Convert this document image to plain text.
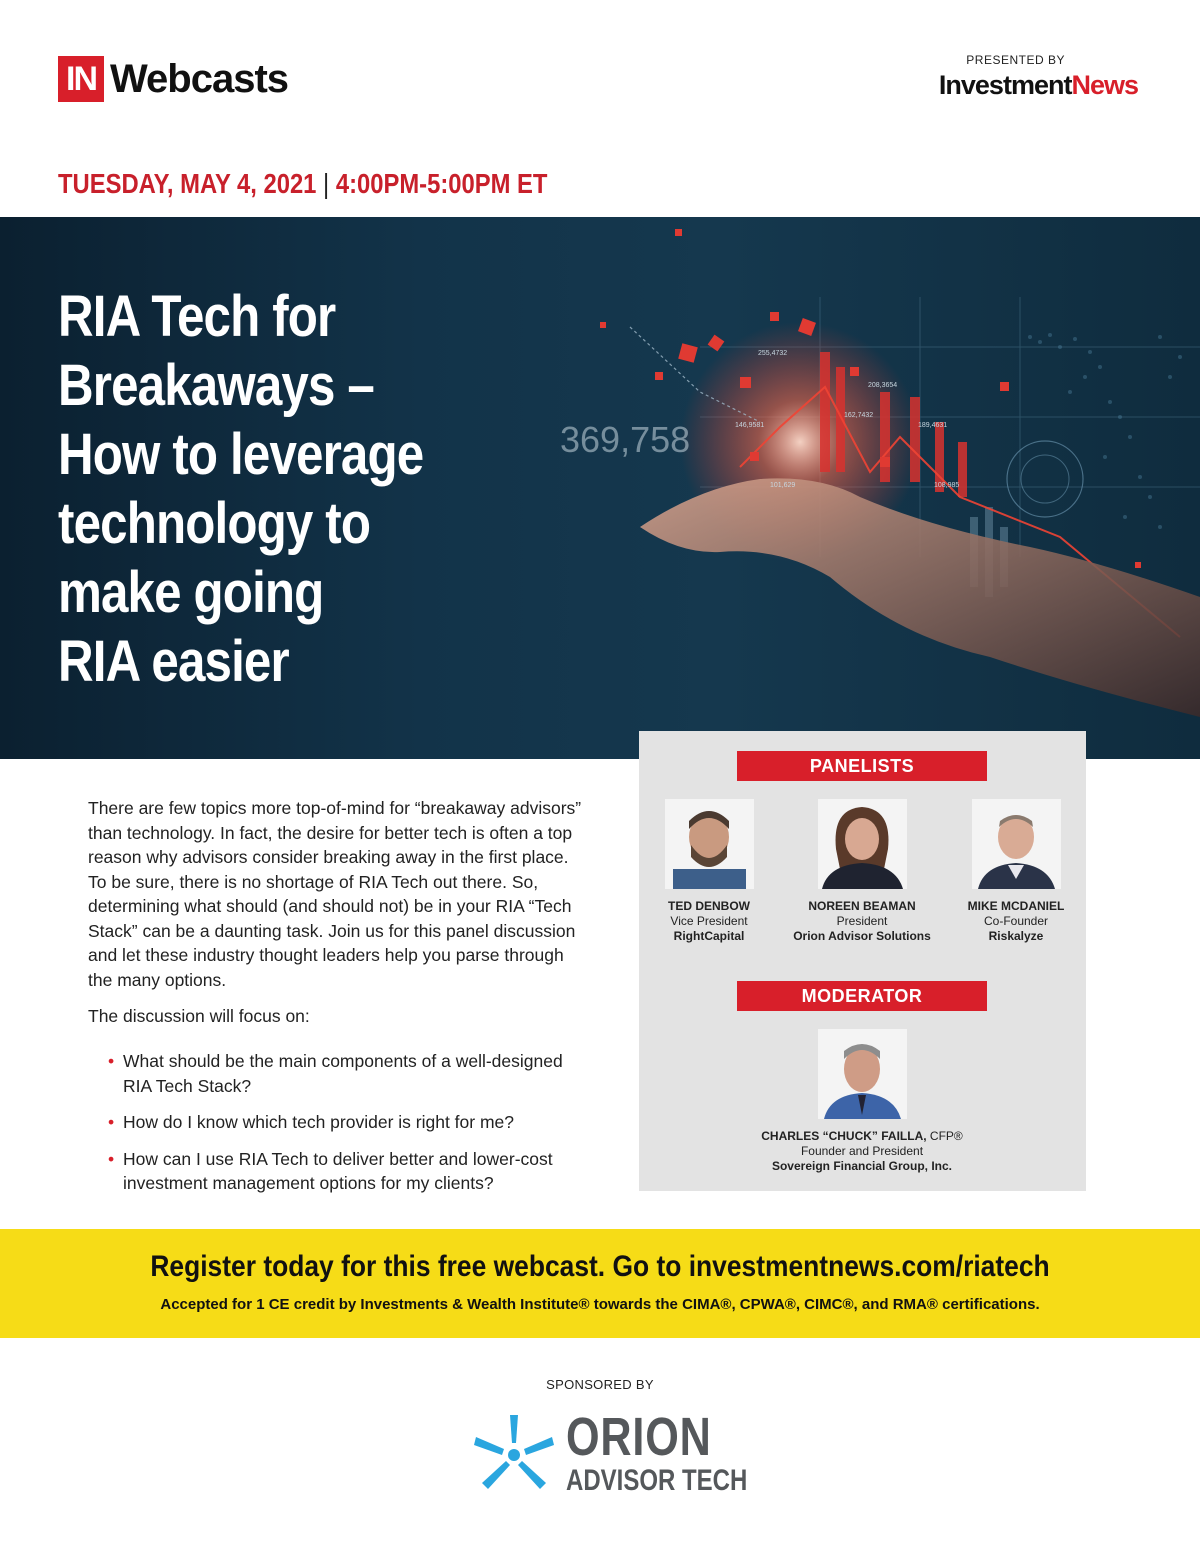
IN Webcasts	PRESENTED BY
InvestmentNews
TUESDAY, MAY 4, 2021 | 4:00PM-5:00PM ET
369,758
255,4732
208,3654
162,7432
146,9581	189,4631
101,629	108,985
RIA Tech for
Breakaways –
How to leverage
technology to
make going
RIA easier

There are few topics more top-of-mind for “breakaway advisors” than technology. In fact, the desire for better tech is often a top reason why advisors consider breaking away in the first place. To be sure, there is no shortage of RIA Tech out there. So, determining what should (and should not) be in your RIA “Tech Stack” can be a daunting task. Join us for this panel discussion and let these industry thought leaders help you parse through the many options.

The discussion will focus on:

• What should be the main components of a well-designed RIA Tech Stack?
• How do I know which tech provider is right for me?
• How can I use RIA Tech to deliver better and lower-cost investment management options for my clients?
PANELISTS
TED DENBOW
Vice President
RightCapital
NOREEN BEAMAN
President
Orion Advisor Solutions
MIKE MCDANIEL
Co-Founder
Riskalyze
MODERATOR
CHARLES “CHUCK” FAILLA, CFP®
Founder and President
Sovereign Financial Group, Inc.
Register today for this free webcast. Go to investmentnews.com/riatech
Accepted for 1 CE credit by Investments & Wealth Institute® towards the CIMA®, CPWA®, CIMC®, and RMA® certifications.
SPONSORED BY
ORION
ADVISOR TECH
